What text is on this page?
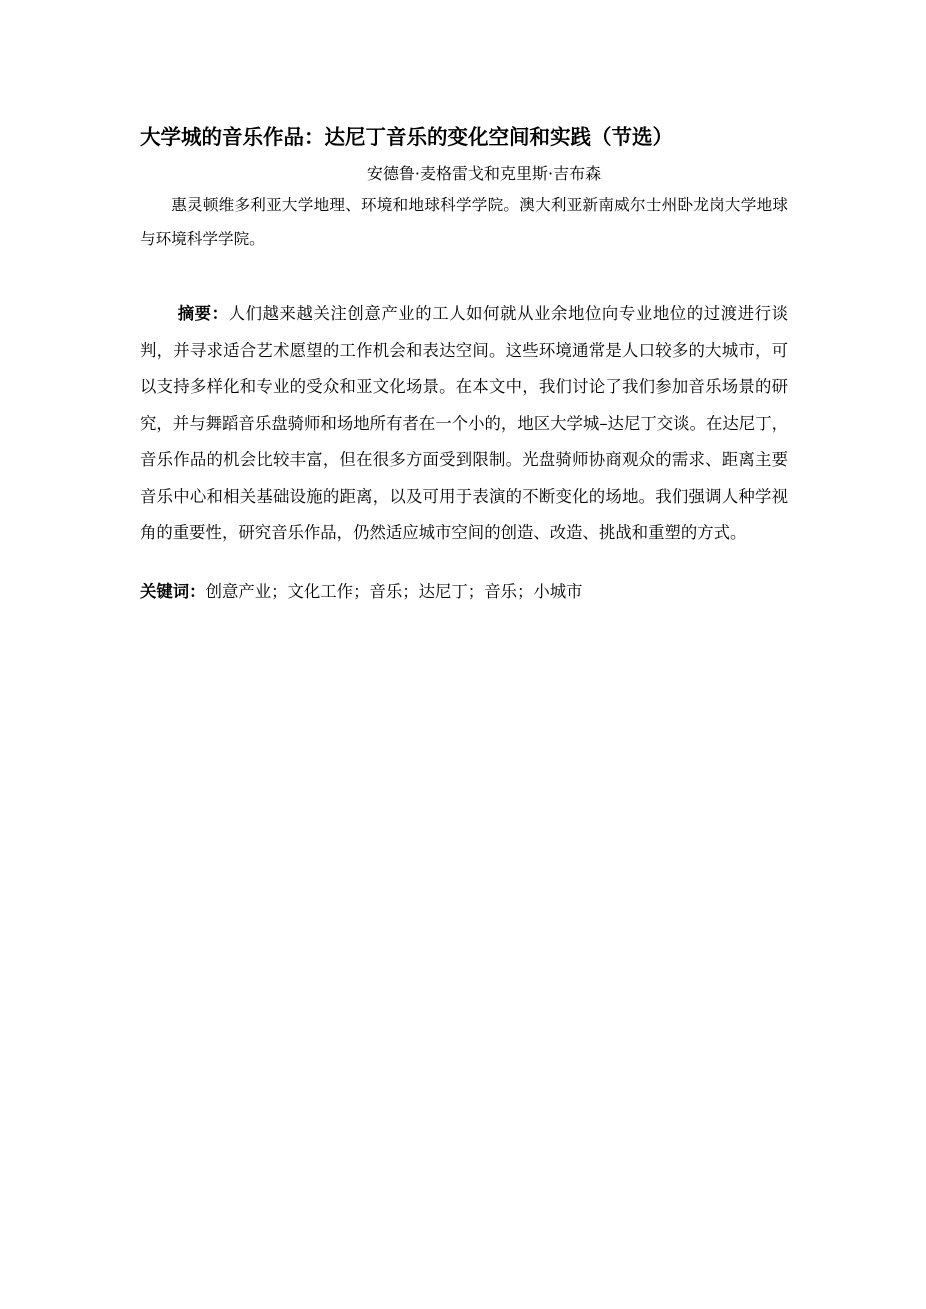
大学城的音乐作品：达尼丁音乐的变化空间和实践（节选）
安德鲁·麦格雷戈和克里斯·吉布森

惠灵顿维多利亚大学地理、环境和地球科学学院。澳大利亚新南威尔士州卧龙岗大学地球与环境科学学院。

摘要：人们越来越关注创意产业的工人如何就从业余地位向专业地位的过渡进行谈判，并寻求适合艺术愿望的工作机会和表达空间。这些环境通常是人口较多的大城市，可以支持多样化和专业的受众和亚文化场景。在本文中，我们讨论了我们参加音乐场景的研究，并与舞蹈音乐盘骑师和场地所有者在一个小的，地区大学城–达尼丁交谈。在达尼丁，音乐作品的机会比较丰富，但在很多方面受到限制。光盘骑师协商观众的需求、距离主要音乐中心和相关基础设施的距离，以及可用于表演的不断变化的场地。我们强调人种学视角的重要性，研究音乐作品，仍然适应城市空间的创造、改造、挑战和重塑的方式。

关键词：创意产业；文化工作；音乐；达尼丁；音乐；小城市
